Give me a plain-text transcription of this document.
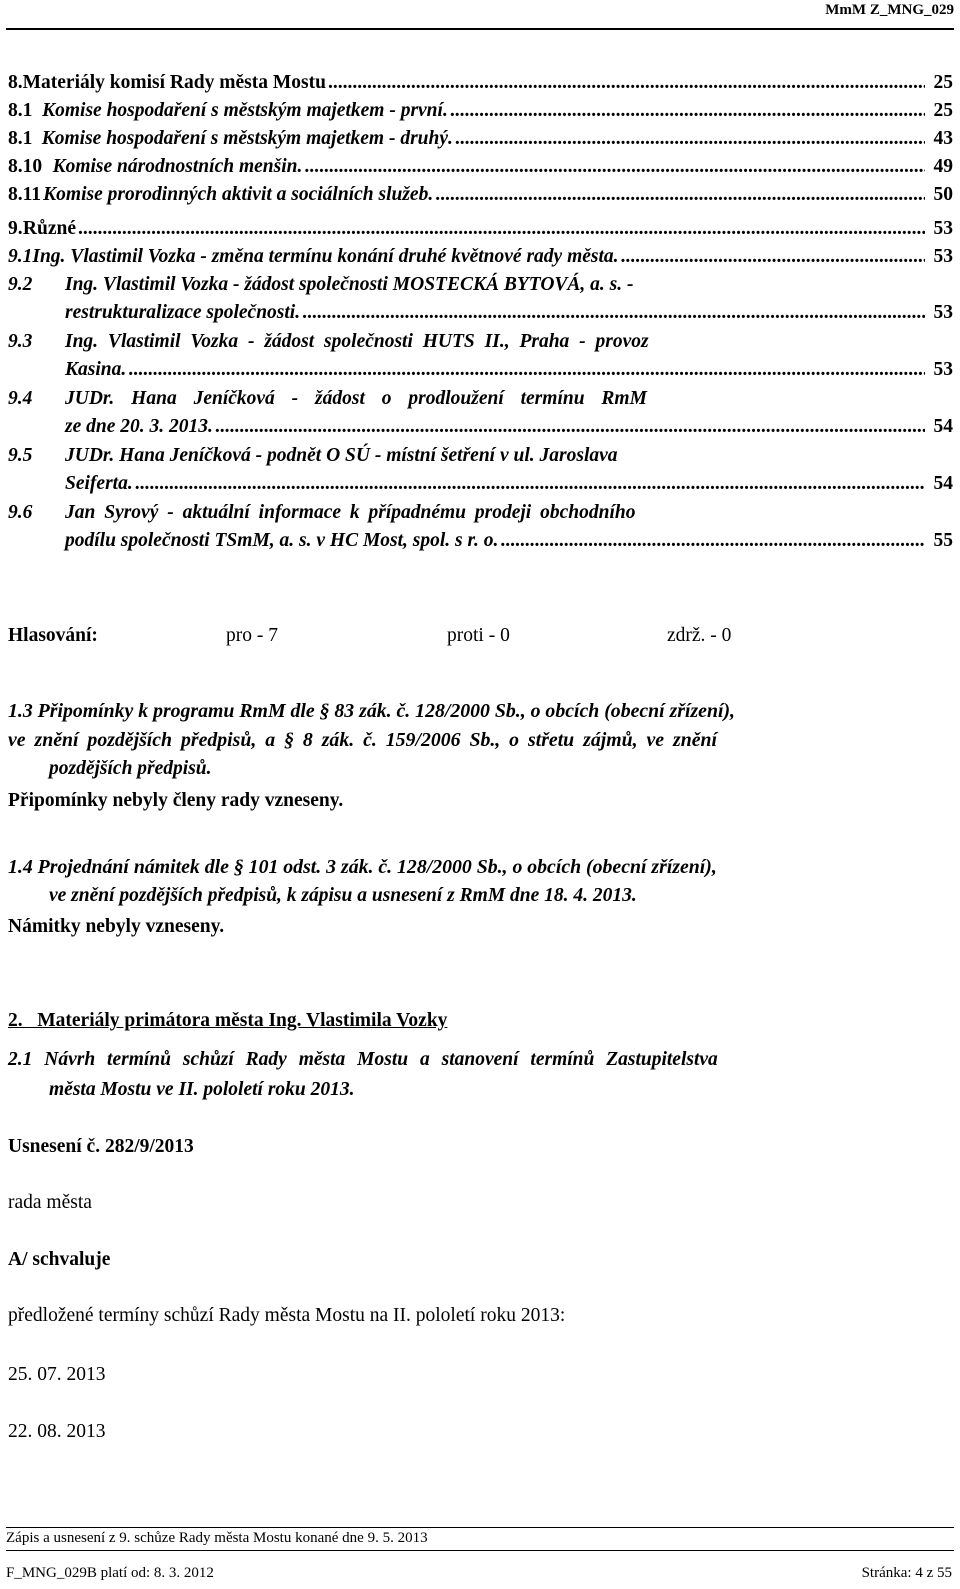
MmM Z_MNG_029
8. Materiály komisí Rady města Mostu .....	25
8.1 Komise hospodaření s městským majetkem - první. .....	25
8.1 Komise hospodaření s městským majetkem - druhý. .....	43
8.10 Komise národnostních menšin. .....	49
8.11 Komise prorodinných aktivit a sociálních služeb. .....	50
9. Různé .....	53
9.1 Ing. Vlastimil Vozka - změna termínu konání druhé květnové rady města. .....	53
9.2	Ing. Vlastimil Vozka - žádost společnosti MOSTECKÁ BYTOVÁ, a. s. -
restrukturalizace společnosti. .....	53
9.3	Ing. Vlastimil Vozka - žádost společnosti HUTS II., Praha - provoz
Kasina. .....	53
9.4	JUDr. Hana Jeníčková - žádost o prodloužení termínu RmM
ze dne 20. 3. 2013. .....	54
9.5	JUDr. Hana Jeníčková - podnět O SÚ - místní šetření v ul. Jaroslava
Seiferta. .....	54
9.6	Jan Syrový - aktuální informace k případnému prodeji obchodního
podílu společnosti TSmM, a. s. v HC Most, spol. s r. o. .....	55
Hlasování:	pro - 7	proti - 0	zdrž. - 0
1.3 Připomínky k programu RmM dle § 83 zák. č. 128/2000 Sb., o obcích (obecní zřízení),
ve znění pozdějších předpisů, a § 8 zák. č. 159/2006 Sb., o střetu zájmů, ve znění
pozdějších předpisů.
Připomínky nebyly členy rady vzneseny.
1.4 Projednání námitek dle § 101 odst. 3 zák. č. 128/2000 Sb., o obcích (obecní zřízení),
ve znění pozdějších předpisů, k zápisu a usnesení z RmM dne 18. 4. 2013.
Námitky nebyly vzneseny.
2.   Materiály primátora města Ing. Vlastimila Vozky
2.1 Návrh termínů schůzí Rady města Mostu a stanovení termínů Zastupitelstva
města Mostu ve II. pololetí roku 2013.
Usnesení č. 282/9/2013
rada města
A/ schvaluje
předložené termíny schůzí Rady města Mostu na II. pololetí roku 2013:
25. 07. 2013
22. 08. 2013
Zápis a usnesení z 9. schůze Rady města Mostu konané dne 9. 5. 2013
F_MNG_029B platí od: 8. 3. 2012	Stránka: 4 z 55
